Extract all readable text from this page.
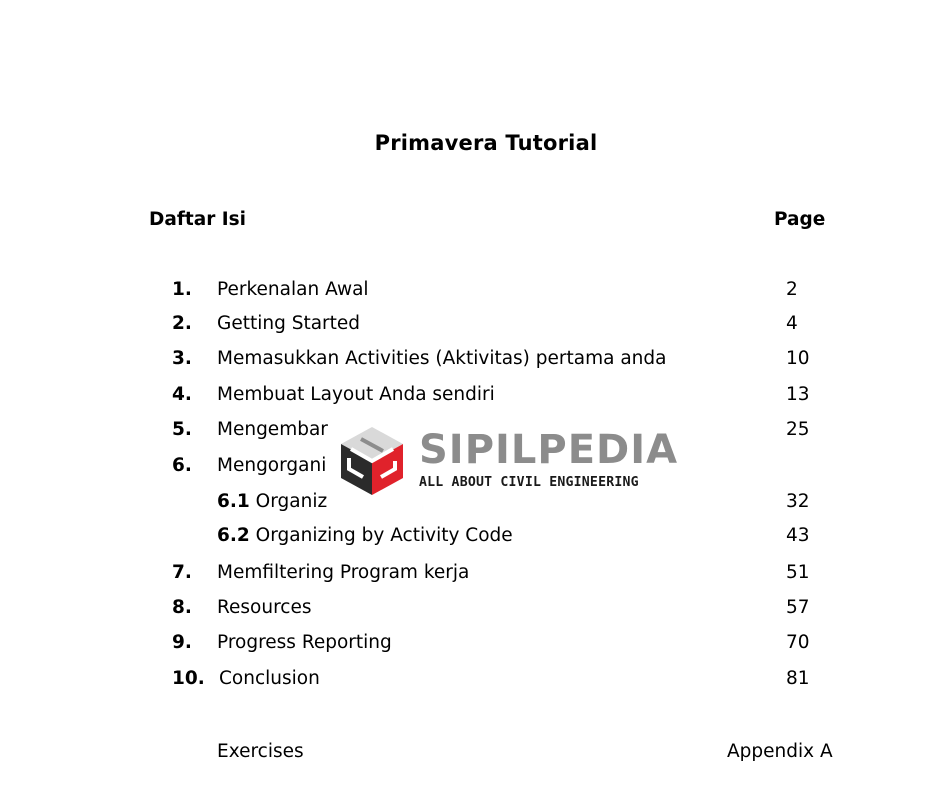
Primavera Tutorial
Daftar Isi	Page
1. Perkenalan Awal	2
2. Getting Started	4
3. Memasukkan Activities (Aktivitas) pertama anda	10
4. Membuat Layout Anda sendiri	13
5. Mengembar	25
6. Mengorgani
6.1 Organiz	32
6.2 Organizing by Activity Code	43
7. Memfiltering Program kerja	51
8. Resources	57
9. Progress Reporting	70
10. Conclusion	81
Exercises	Appendix A
SIPILPEDIA
ALL ABOUT CIVIL ENGINEERING
